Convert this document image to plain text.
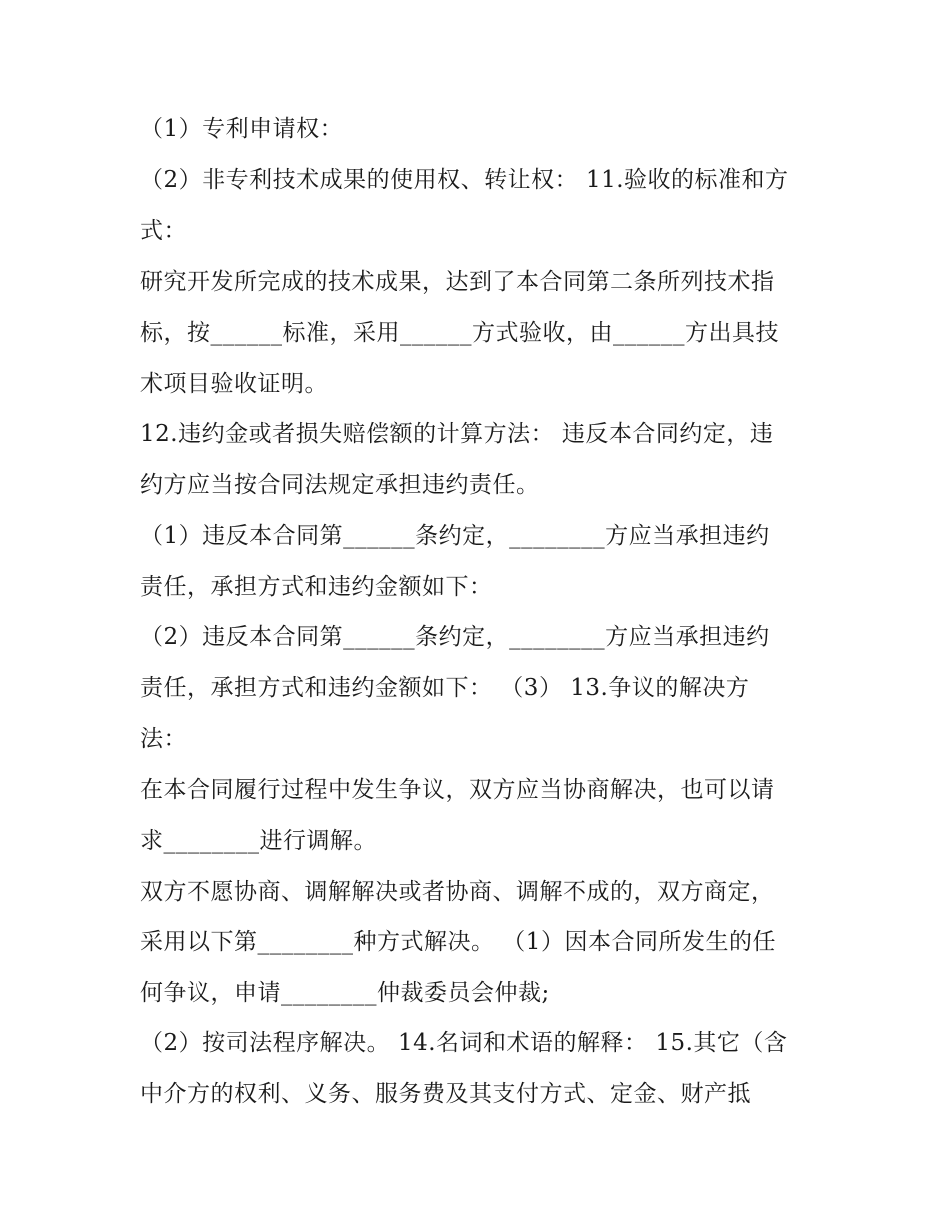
（1）专利申请权：
（2）非专利技术成果的使用权、转让权： 11.验收的标准和方
式：
研究开发所完成的技术成果，达到了本合同第二条所列技术指
标，按______标准，采用______方式验收，由______方出具技
术项目验收证明。
12.违约金或者损失赔偿额的计算方法： 违反本合同约定，违
约方应当按合同法规定承担违约责任。
（1）违反本合同第______条约定，________方应当承担违约
责任，承担方式和违约金额如下：
（2）违反本合同第______条约定，________方应当承担违约
责任，承担方式和违约金额如下： （3） 13.争议的解决方
法：
在本合同履行过程中发生争议，双方应当协商解决，也可以请
求________进行调解。
双方不愿协商、调解解决或者协商、调解不成的，双方商定，
采用以下第________种方式解决。 （1）因本合同所发生的任
何争议，申请________仲裁委员会仲裁;
（2）按司法程序解决。 14.名词和术语的解释： 15.其它（含
中介方的权利、义务、服务费及其支付方式、定金、财产抵
